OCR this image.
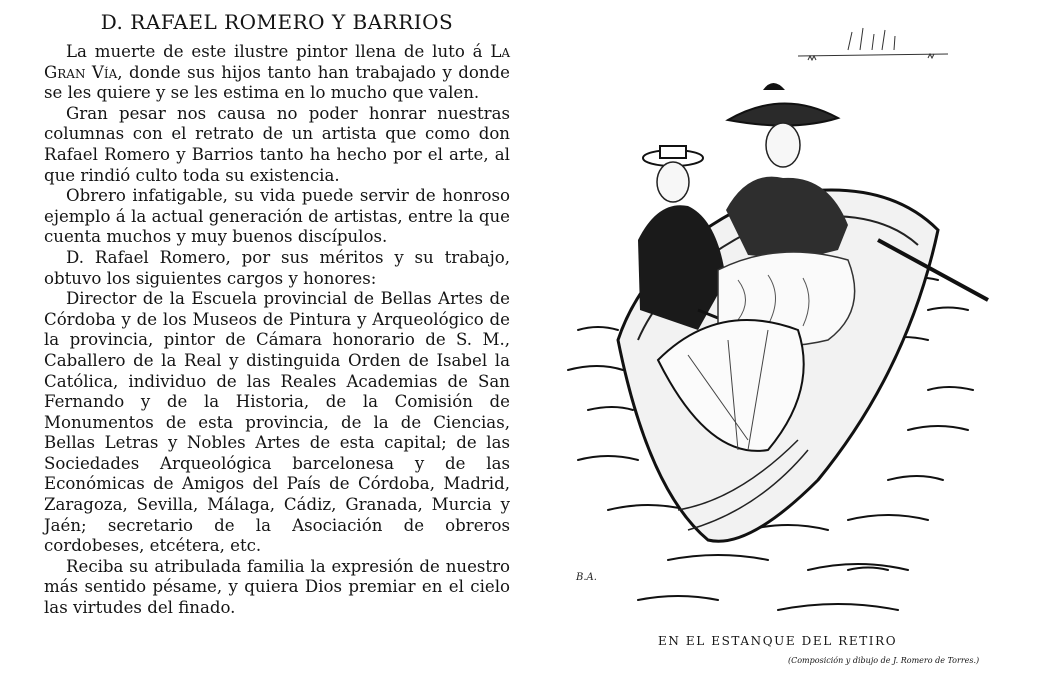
D. RAFAEL ROMERO Y BARRIOS

La muerte de este ilustre pintor llena de luto á La Gran Vía, donde sus hijos tanto han trabajado y donde se les quiere y se les estima en lo mucho que valen.

Gran pesar nos causa no poder honrar nuestras columnas con el retrato de un artista que como don Rafael Romero y Barrios tanto ha hecho por el arte, al que rindió culto toda su existencia.

Obrero infatigable, su vida puede servir de honroso ejemplo á la actual generación de artistas, entre la que cuenta muchos y muy buenos discípulos.

D. Rafael Romero, por sus méritos y su trabajo, obtuvo los siguientes cargos y honores:

Director de la Escuela provincial de Bellas Artes de Córdoba y de los Museos de Pintura y Arqueológico de la provincia, pintor de Cámara honorario de S. M., Caballero de la Real y distinguida Orden de Isabel la Católica, individuo de las Reales Academias de San Fernando y de la Historia, de la Comisión de Monumentos de esta provincia, de la de Ciencias, Bellas Letras y Nobles Artes de esta capital; de las Sociedades Arqueológica barcelonesa y de las Económicas de Amigos del País de Córdoba, Madrid, Zaragoza, Sevilla, Málaga, Cádiz, Granada, Murcia y Jaén; secretario de la Asociación de obreros cordobeses, etcétera, etc.

Reciba su atribulada familia la expresión de nuestro más sentido pésame, y quiera Dios premiar en el cielo las virtudes del finado.

B.A.

EN EL ESTANQUE DEL RETIRO

(Composición y dibujo de J. Romero de Torres.)
